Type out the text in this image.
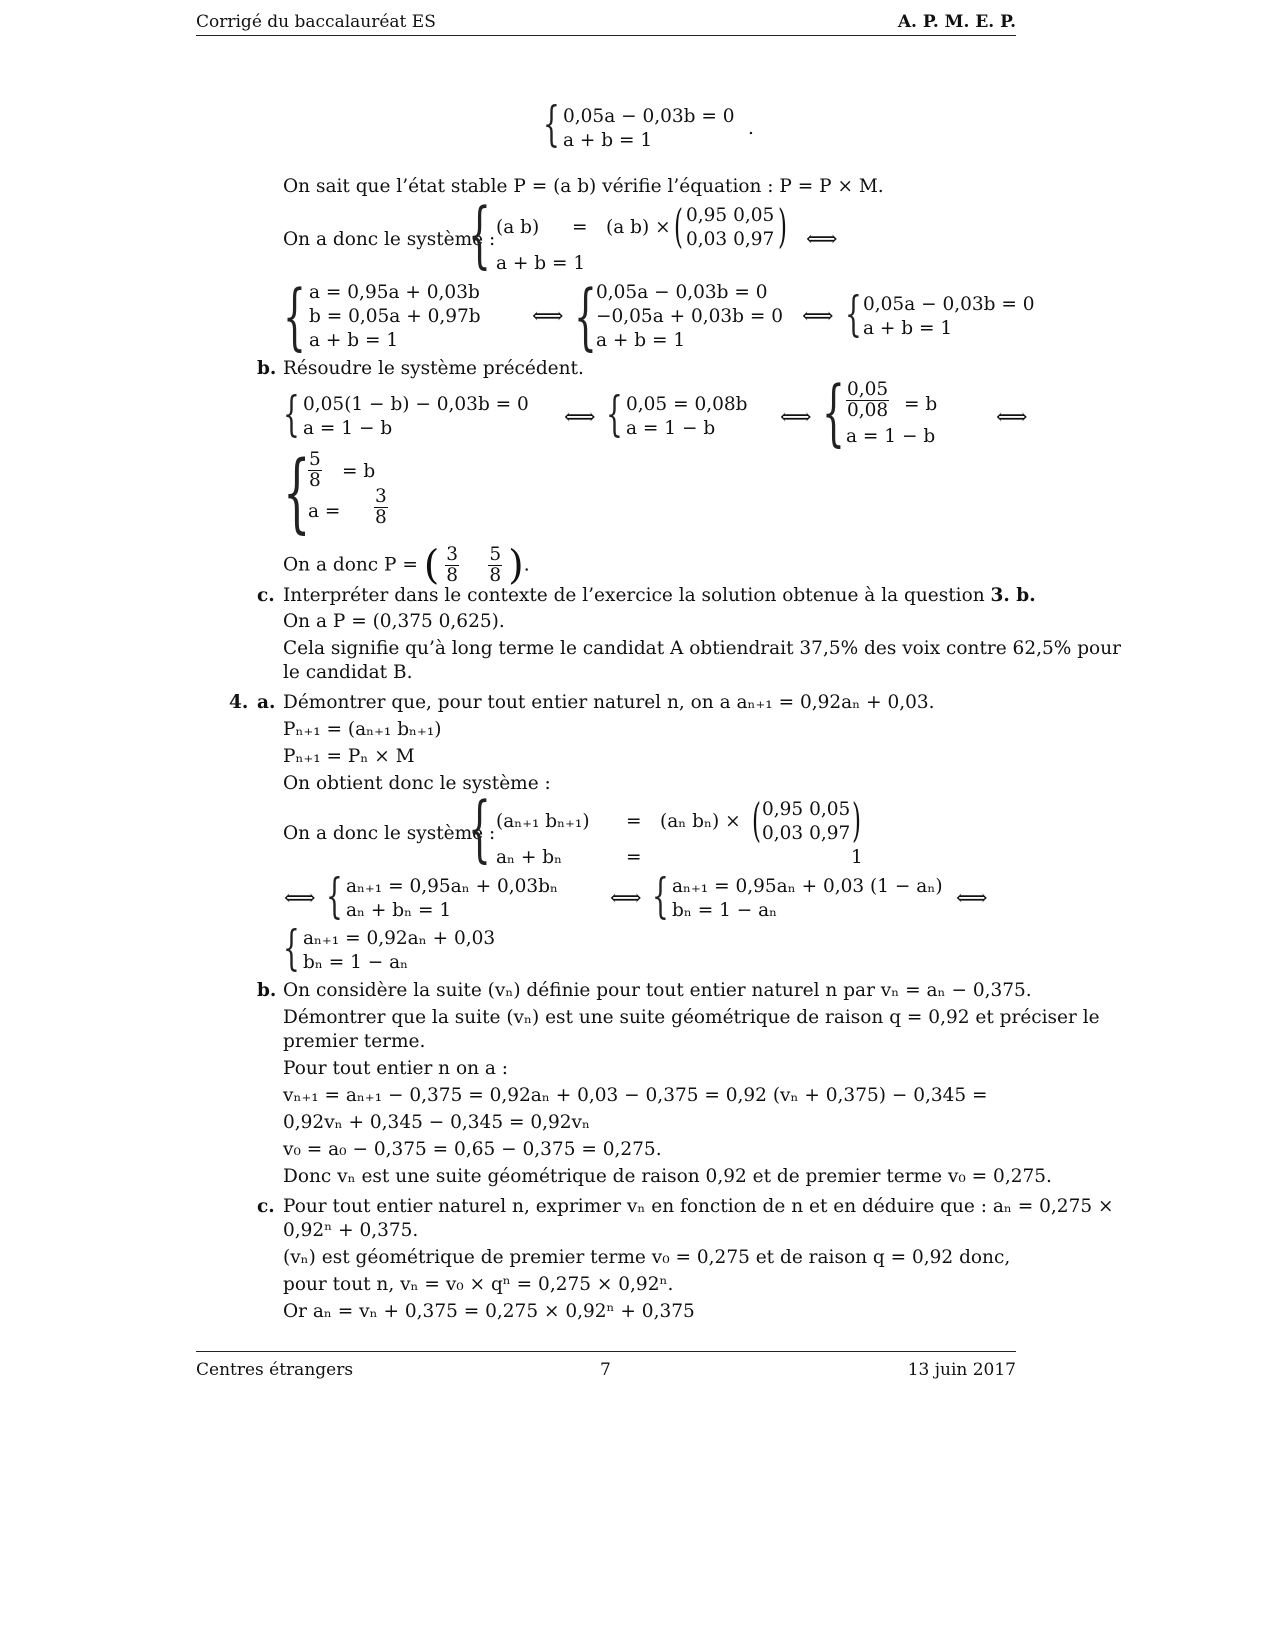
Corrigé du baccalauréat ES	A. P. M. E. P.
{ 0,05a − 0,03b = 0
a + b = 1
.
On sait que l’état stable P = (a b) vérifie l’équation : P = P × M.
On a donc le système :
{ (a b) = (a b) × ( 0,95 0,05
0,03 0,97 ) ⟺
a + b = 1
{ a = 0,95a + 0,03b
b = 0,05a + 0,97b
a + b = 1
⟺ { 0,05a − 0,03b = 0
−0,05a + 0,03b = 0
a + b = 1
⟺ { 0,05a − 0,03b = 0
a + b = 1
b. Résoudre le système précédent.
{ 0,05(1 − b) − 0,03b = 0
a = 1 − b	⟺ { 0,05 = 0,08b
a = 1 − b	⟺ { $\frac{0,05}{0,08} = b$
a = 1 − b
⟺
{
$\frac{5}{8} = b$
$a = \frac{3}{8}$
On a donc P = ( $\frac{3}{8}$
$\frac{5}{8}$ ).
c. Interpréter dans le contexte de l’exercice la solution obtenue à la question 3. b.
On a P = (0,375 0,625).
Cela signifie qu’à long terme le candidat A obtiendrait 37,5% des voix contre 62,5% pour
le candidat B.
4. a. Démontrer que, pour tout entier naturel n, on a aₙ₊₁ = 0,92aₙ + 0,03.
Pₙ₊₁ = (aₙ₊₁ bₙ₊₁)
Pₙ₊₁ = Pₙ × M
On obtient donc le système :
On a donc le système :
{ (aₙ₊₁ bₙ₊₁) = (aₙ bₙ) × ( 0,95 0,05
0,03 0,97 )
aₙ + bₙ	=	1
⟺ { aₙ₊₁ = 0,95aₙ + 0,03bₙ
aₙ + bₙ = 1	⟺ { aₙ₊₁ = 0,95aₙ + 0,03 (1 − aₙ)
bₙ = 1 − aₙ	⟺
{ aₙ₊₁ = 0,92aₙ + 0,03
bₙ = 1 − aₙ
b. On considère la suite (vₙ) définie pour tout entier naturel n par vₙ = aₙ − 0,375.
Démontrer que la suite (vₙ) est une suite géométrique de raison q = 0,92 et préciser le
premier terme.
Pour tout entier n on a :
vₙ₊₁ = aₙ₊₁ − 0,375 = 0,92aₙ + 0,03 − 0,375 = 0,92 (vₙ + 0,375) − 0,345 =
0,92vₙ + 0,345 − 0,345 = 0,92vₙ
v₀ = a₀ − 0,375 = 0,65 − 0,375 = 0,275.
Donc vₙ est une suite géométrique de raison 0,92 et de premier terme v₀ = 0,275.
c. Pour tout entier naturel n, exprimer vₙ en fonction de n et en déduire que : aₙ = 0,275 ×
0,92ⁿ + 0,375.
(vₙ) est géométrique de premier terme v₀ = 0,275 et de raison q = 0,92 donc,
pour tout n, vₙ = v₀ × qⁿ = 0,275 × 0,92ⁿ.
Or aₙ = vₙ + 0,375 = 0,275 × 0,92ⁿ + 0,375
Centres étrangers	7	13 juin 2017
